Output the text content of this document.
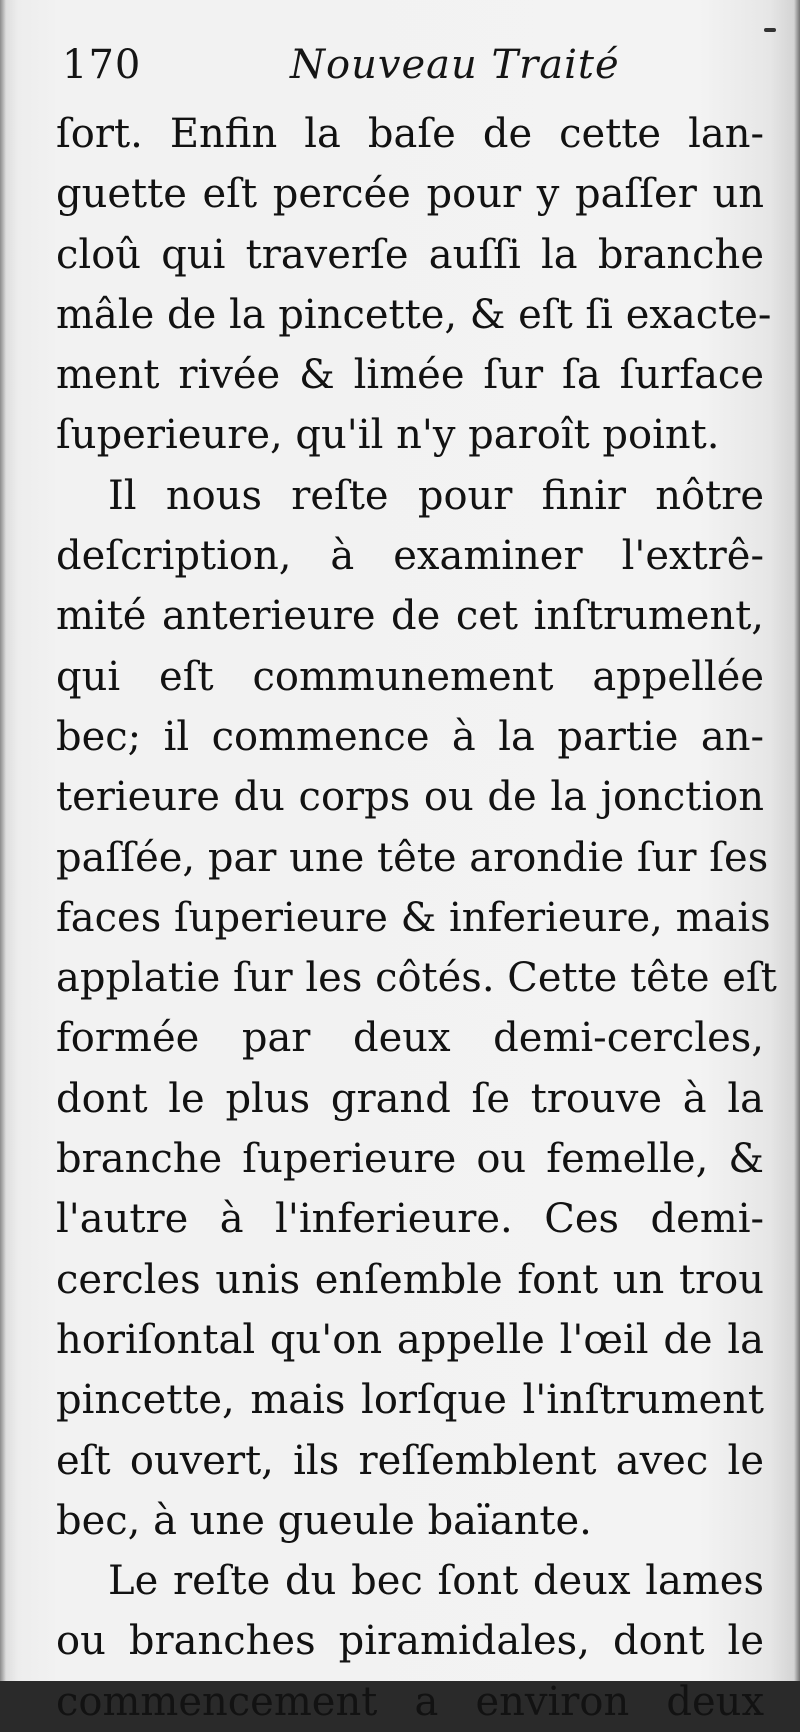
170	Nouveau Traité
ſort. Enfin la baſe de cette lan-
guette eſt percée pour y paſſer un
cloû qui traverſe auſſi la branche
mâle de la pincette, & eſt ſi exacte-
ment rivée & limée ſur ſa ſurface
ſuperieure, qu'il n'y paroît point.
Il nous reſte pour finir nôtre
deſcription, à examiner l'extrê-
mité anterieure de cet inſtrument,
qui eſt communement appellée
bec; il commence à la partie an-
terieure du corps ou de la jonction
paſſée, par une tête arondie ſur ſes
faces ſuperieure & inferieure, mais
applatie ſur les côtés. Cette tête eſt
formée par deux demi-cercles,
dont le plus grand ſe trouve à la
branche ſuperieure ou femelle, &
l'autre à l'inferieure. Ces demi-
cercles unis enſemble font un trou
horiſontal qu'on appelle l'œil de la
pincette, mais lorſque l'inſtrument
eſt ouvert, ils reſſemblent avec le
bec, à une gueule baïante.
Le reſte du bec ſont deux lames
ou branches piramidales, dont le
commencement a environ deux
